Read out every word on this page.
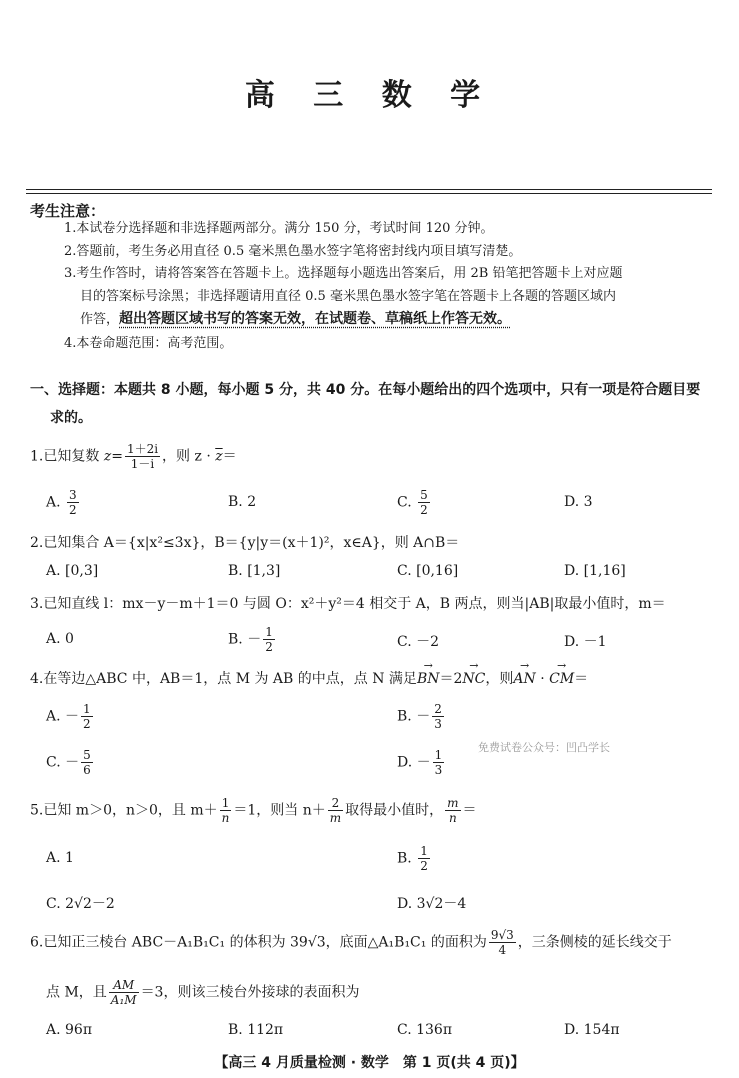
高 三 数 学
考生注意：
1.本试卷分选择题和非选择题两部分。满分 150 分，考试时间 120 分钟。
2.答题前，考生务必用直径 0.5 毫米黑色墨水签字笔将密封线内项目填写清楚。
3.考生作答时，请将答案答在答题卡上。选择题每小题选出答案后，用 2B 铅笔把答题卡上对应题
目的答案标号涂黑；非选择题请用直径 0.5 毫米黑色墨水签字笔在答题卡上各题的答题区域内
作答，超出答题区域书写的答案无效，在试题卷、草稿纸上作答无效。
4.本卷命题范围：高考范围。
一、选择题：本题共 8 小题，每小题 5 分，共 40 分。在每小题给出的四个选项中，只有一项是符合题目要
求的。
1.已知复数 $z= \frac{1+2i}{1-i}$ ，则 $z \cdot \overline{z}=$
A. $\frac{3}{2}$	B. 2	C. $\frac{5}{2}$	D. 3
2.已知集合 A＝{x|x²≤3x}，B＝{y|y＝(x＋1)²，x∈A}，则 A∩B＝
A. [0,3]	B. [1,3]	C. [0,16]	D. [1,16]
3.已知直线 l：mx－y－m＋1＝0 与圆 O：x²＋y²＝4 相交于 A，B 两点，则当|AB|取最小值时，m＝
A. 0	B. － $\frac{1}{2}$	C. －2	D. －1
4.在等边△ABC 中，AB＝1，点 M 为 AB 的中点，点 N 满足→ BN＝2→ NC，则→ AN · → CM＝
A. － $\frac{1}{2}$	B. － $\frac{2}{3}$
C. － $\frac{5}{6}$	D. － $\frac{1}{3}$
免费试卷公众号：凹凸学长
5.已知 m＞0，n＞0，且 $m+ \frac{1}{n} =1$，则当 $n+ \frac{2}{m}$ 取得最小值时， $\frac{m}{n}$ ＝
A. 1	B. $\frac{1}{2}$
C. 2√2－2	D. 3√2－4
6.已知正三棱台 ABC－A₁B₁C₁ 的体积为 39√3，底面△A₁B₁C₁ 的面积为 $\frac{9√3}{4}$ ，三条侧棱的延长线交于
点 M，且 $\frac{AM}{\text{A₁M}} =3$，则该三棱台外接球的表面积为
A. 96π	B. 112π	C. 136π	D. 154π
【高三 4 月质量检测 · 数学　第 1 页(共 4 页)】
